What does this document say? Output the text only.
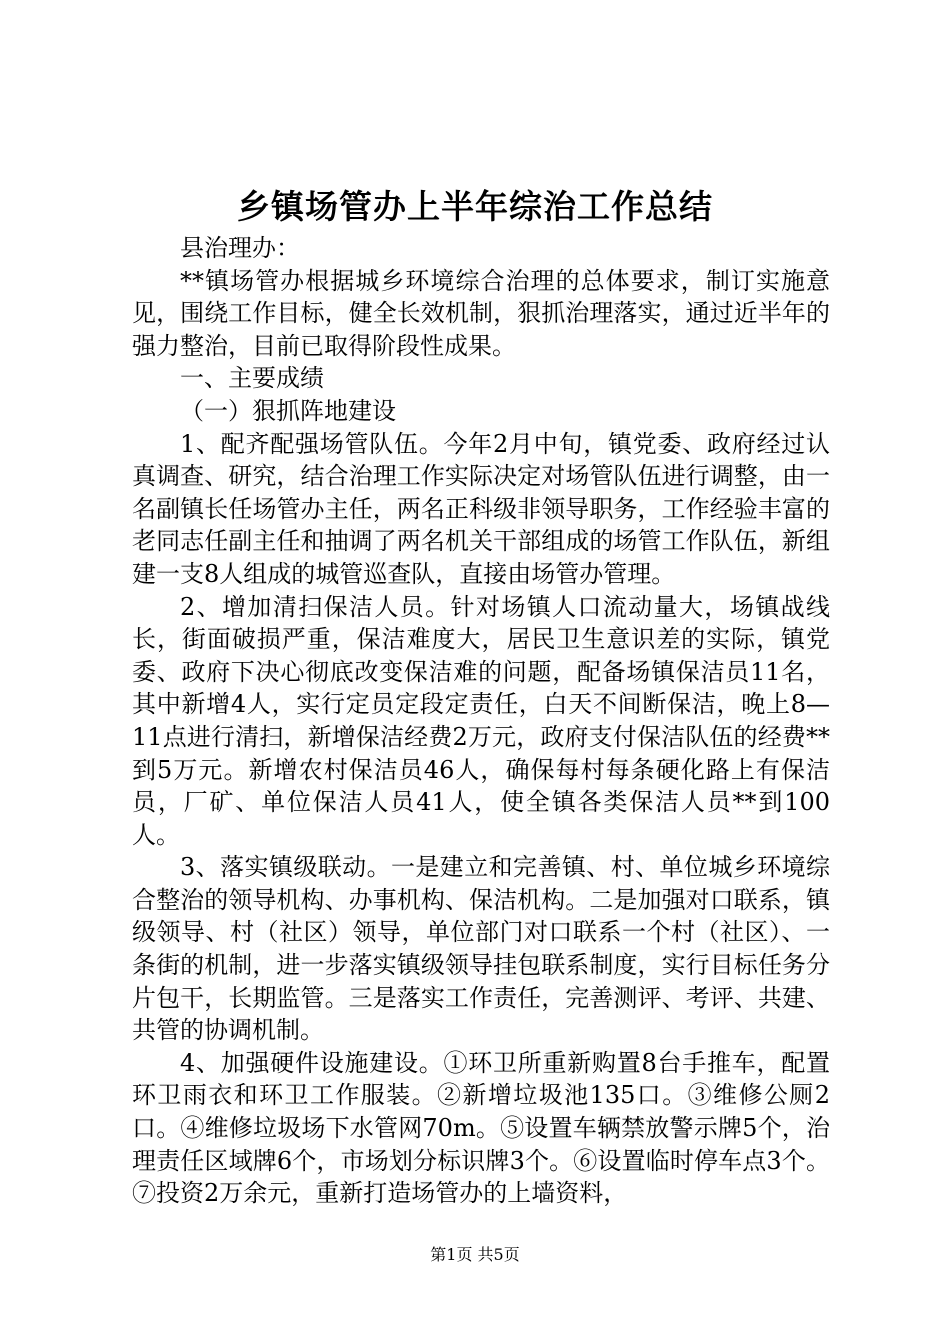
乡镇场管办上半年综治工作总结

县治理办：

**镇场管办根据城乡环境综合治理的总体要求，制订实施意见，围绕工作目标，健全长效机制，狠抓治理落实，通过近半年的强力整治，目前已取得阶段性成果。

一、主要成绩

（一）狠抓阵地建设

1、配齐配强场管队伍。今年2月中旬，镇党委、政府经过认真调查、研究，结合治理工作实际决定对场管队伍进行调整，由一名副镇长任场管办主任，两名正科级非领导职务，工作经验丰富的老同志任副主任和抽调了两名机关干部组成的场管工作队伍，新组建一支8人组成的城管巡查队，直接由场管办管理。

2、增加清扫保洁人员。针对场镇人口流动量大，场镇战线长，街面破损严重，保洁难度大，居民卫生意识差的实际，镇党委、政府下决心彻底改变保洁难的问题，配备场镇保洁员11名，其中新增4人，实行定员定段定责任，白天不间断保洁，晚上8—11点进行清扫，新增保洁经费2万元，政府支付保洁队伍的经费**到5万元。新增农村保洁员46人，确保每村每条硬化路上有保洁员，厂矿、单位保洁人员41人，使全镇各类保洁人员**到100人。

3、落实镇级联动。一是建立和完善镇、村、单位城乡环境综合整治的领导机构、办事机构、保洁机构。二是加强对口联系，镇级领导、村（社区）领导，单位部门对口联系一个村（社区）、一条街的机制，进一步落实镇级领导挂包联系制度，实行目标任务分片包干，长期监管。三是落实工作责任，完善测评、考评、共建、共管的协调机制。

4、加强硬件设施建设。①环卫所重新购置8台手推车，配置环卫雨衣和环卫工作服装。②新增垃圾池135口。③维修公厕2口。④维修垃圾场下水管网70m。⑤设置车辆禁放警示牌5个，治理责任区域牌6个，市场划分标识牌3个。⑥设置临时停车点3个。⑦投资2万余元，重新打造场管办的上墙资料，

第1页 共5页
